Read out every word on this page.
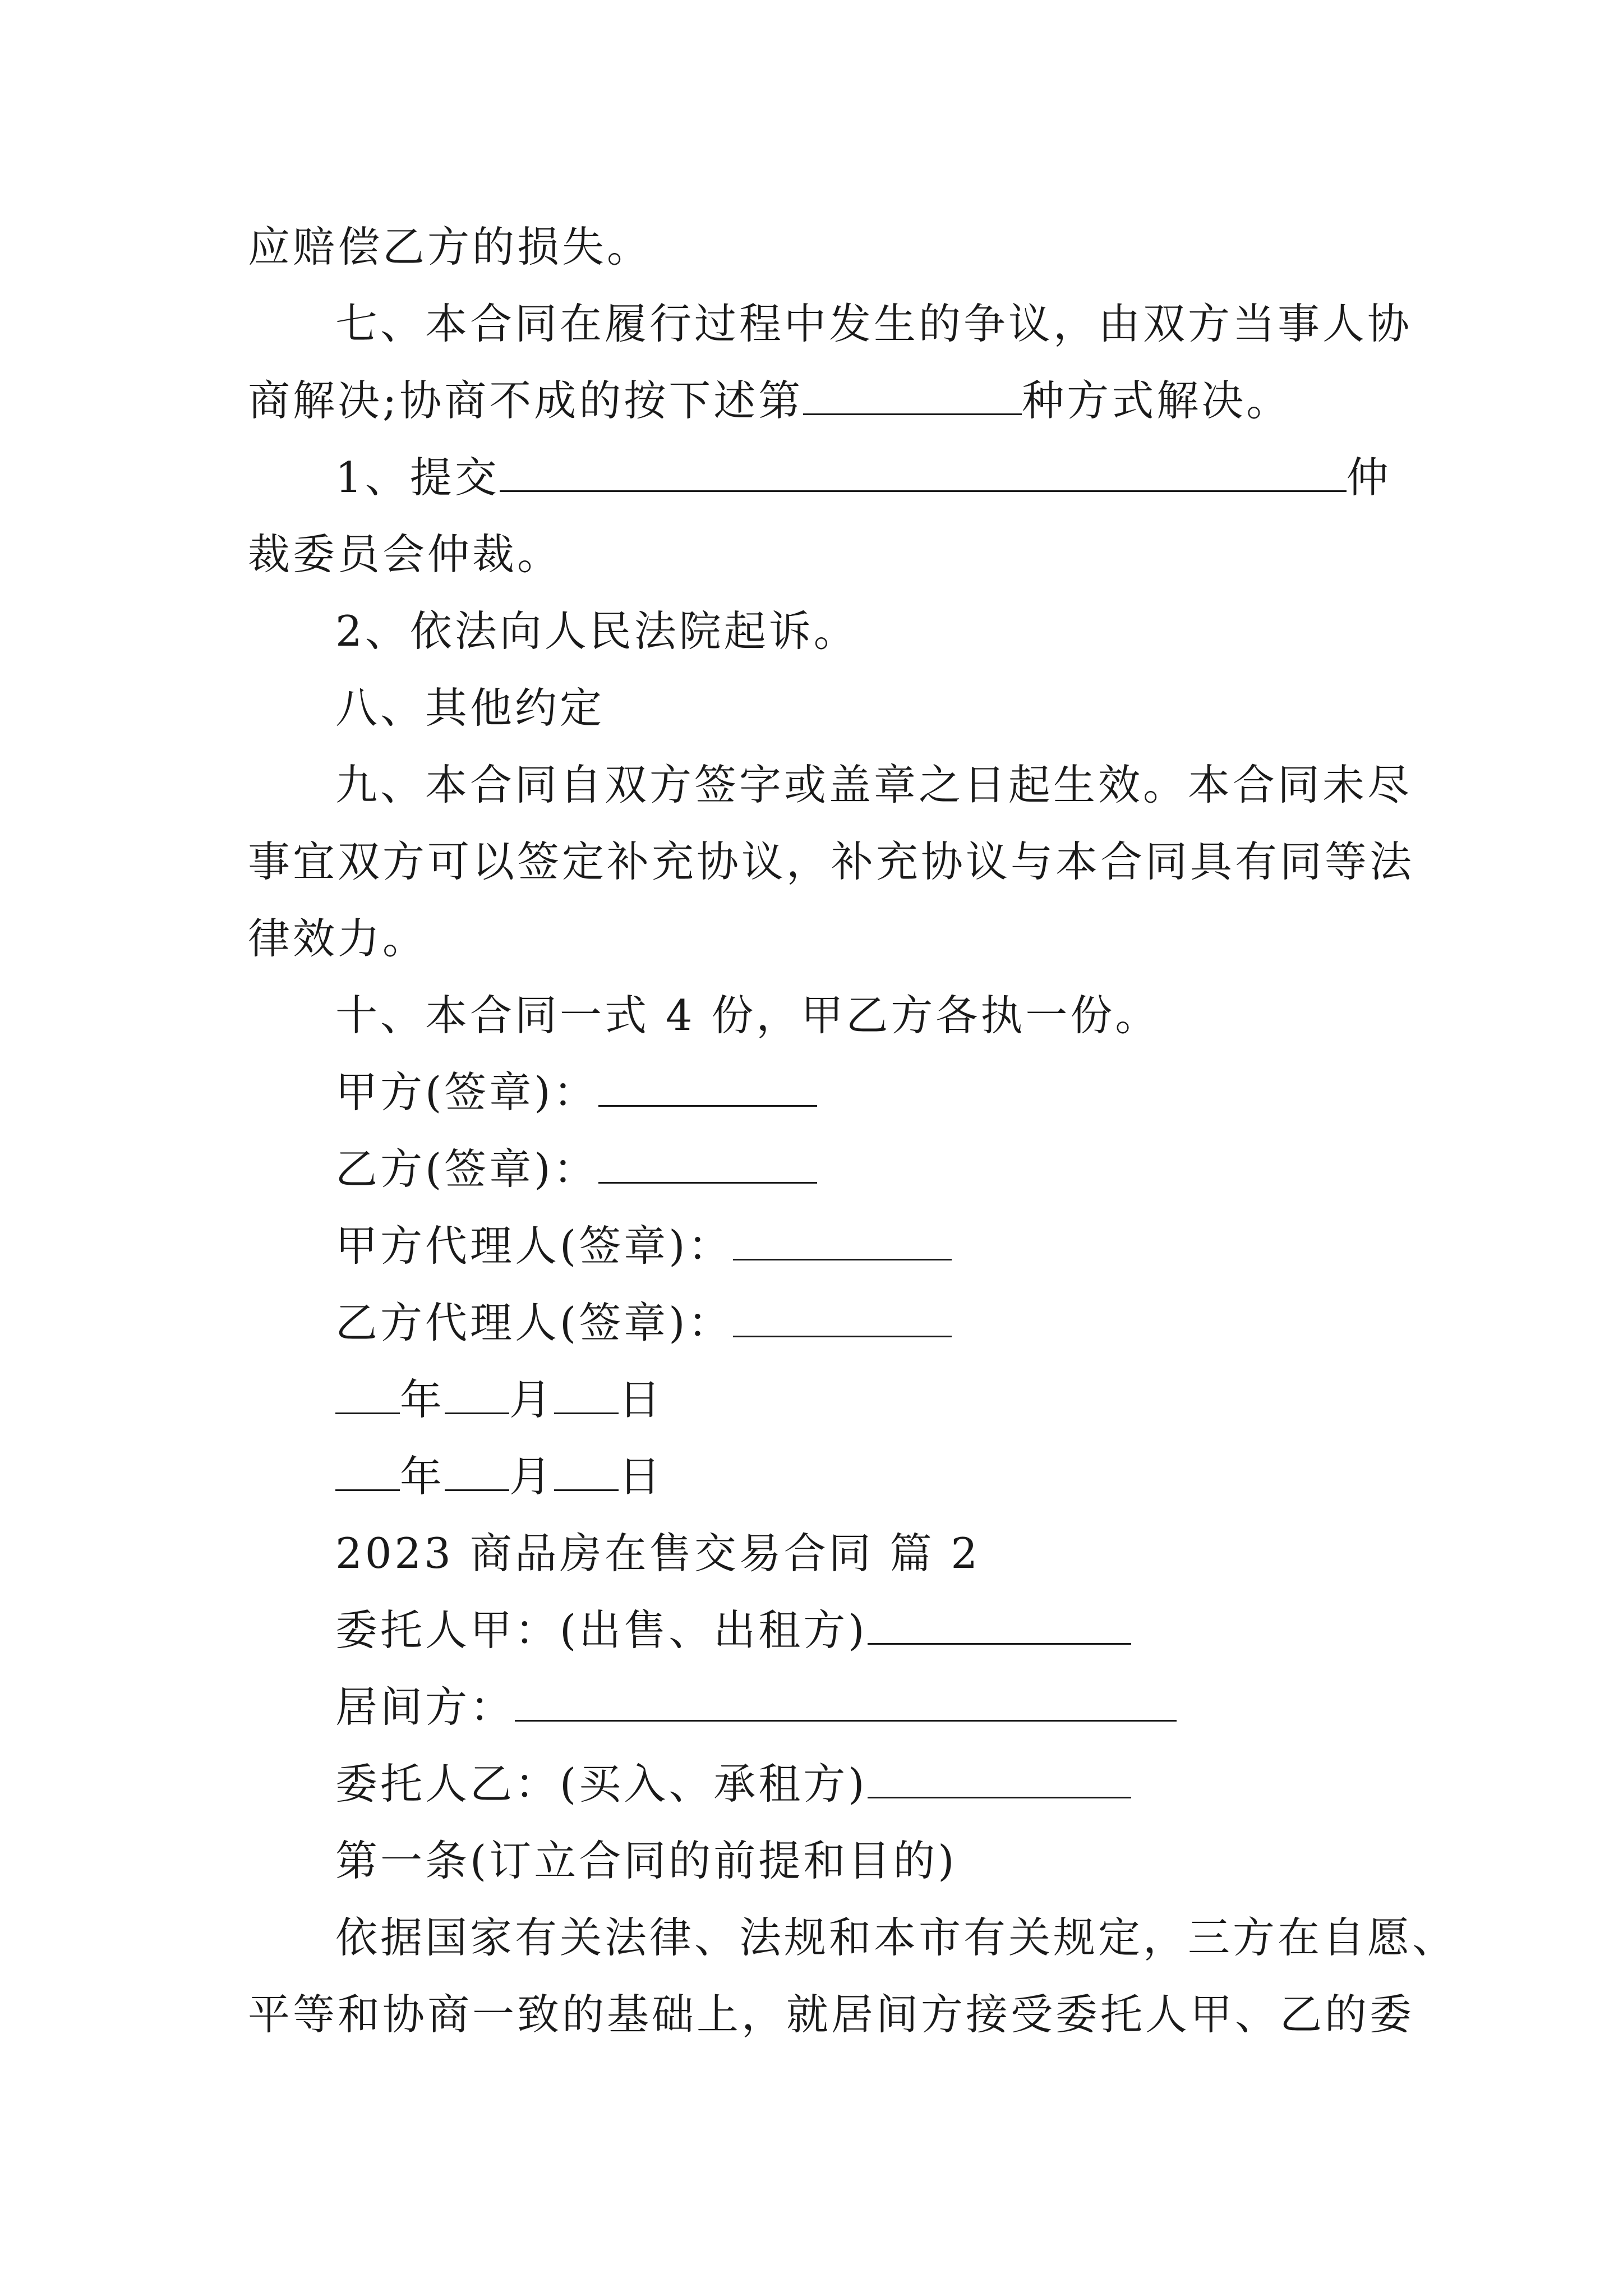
应赔偿乙方的损失。
七、本合同在履行过程中发生的争议，由双方当事人协
商解决;协商不成的按下述第	种方式解决。
1、提交	仲
裁委员会仲裁。
2、依法向人民法院起诉。
八、其他约定
九、本合同自双方签字或盖章之日起生效。本合同未尽
事宜双方可以签定补充协议，补充协议与本合同具有同等法
律效力。
十、本合同一式 4 份，甲乙方各执一份。
甲方(签章)：
乙方(签章)：
甲方代理人(签章)：
乙方代理人(签章)：
年 月 日
年 月 日
2023 商品房在售交易合同 篇 2
委托人甲：(出售、出租方)
居间方：
委托人乙：(买入、承租方)
第一条(订立合同的前提和目的)
依据国家有关法律、法规和本市有关规定，三方在自愿、
平等和协商一致的基础上，就居间方接受委托人甲、乙的委
